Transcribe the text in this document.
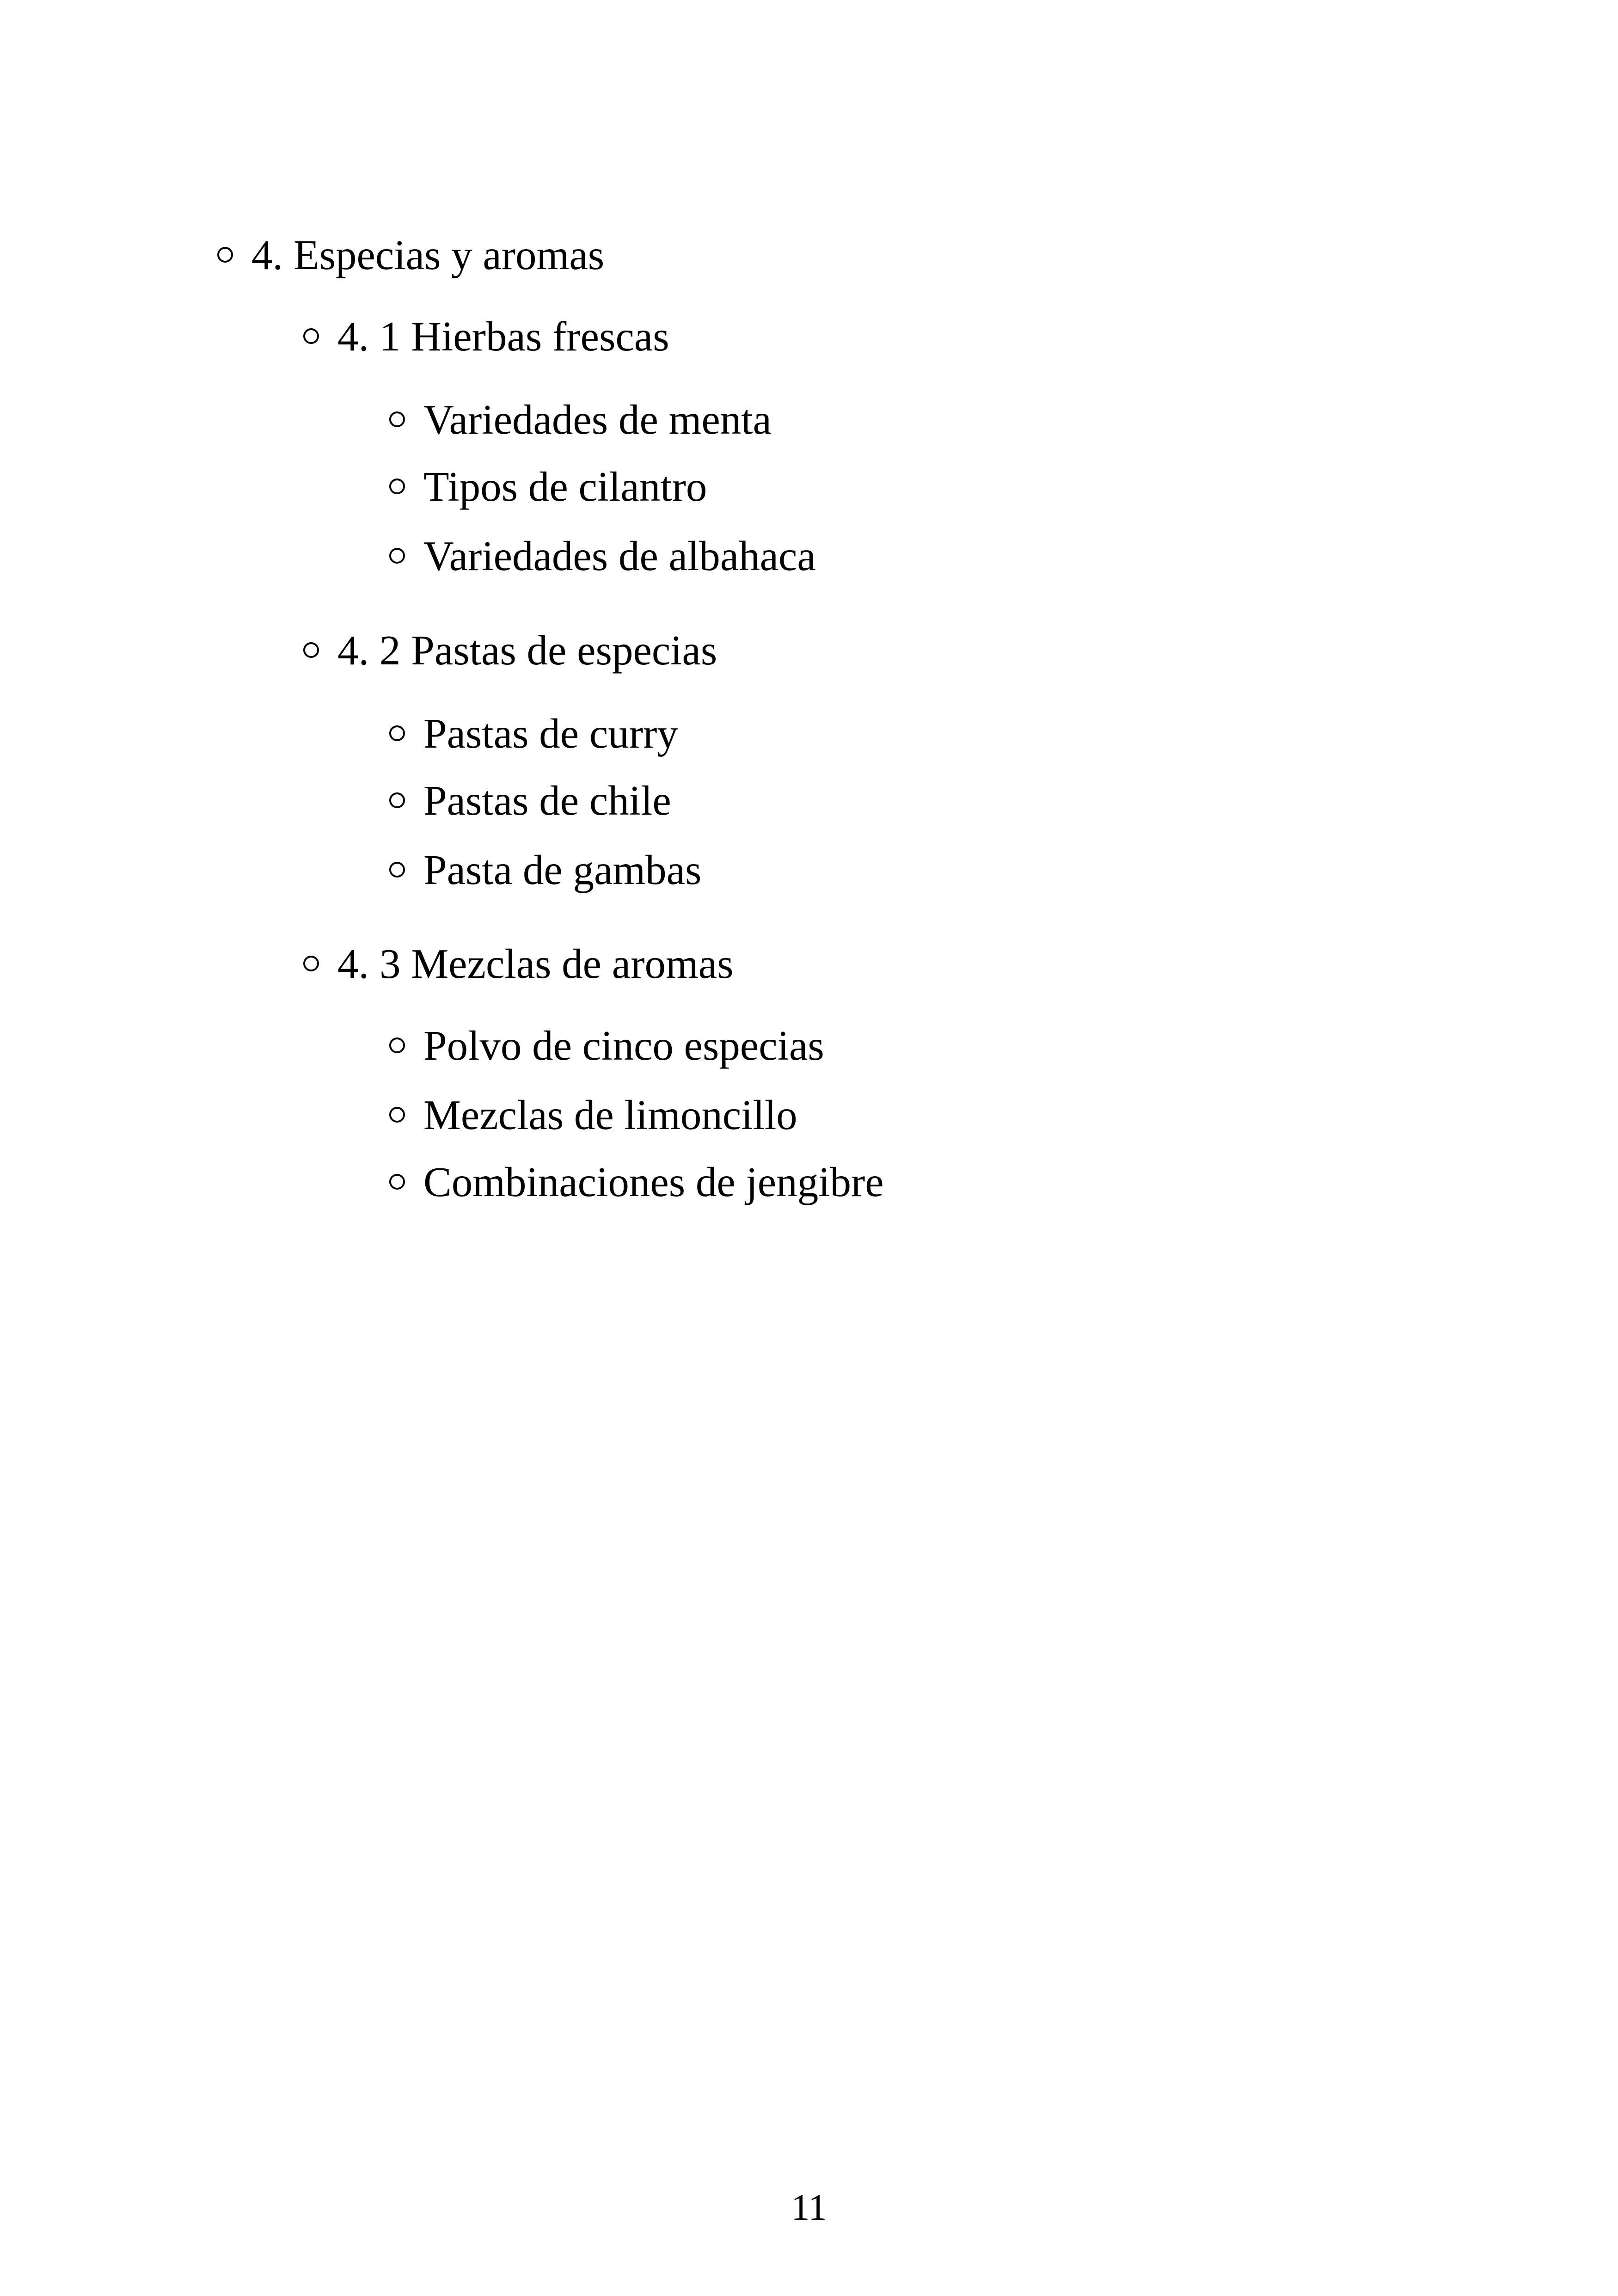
4. Especias y aromas
4. 1 Hierbas frescas
Variedades de menta
Tipos de cilantro
Variedades de albahaca
4. 2 Pastas de especias
Pastas de curry
Pastas de chile
Pasta de gambas
4. 3 Mezclas de aromas
Polvo de cinco especias
Mezclas de limoncillo
Combinaciones de jengibre
11
